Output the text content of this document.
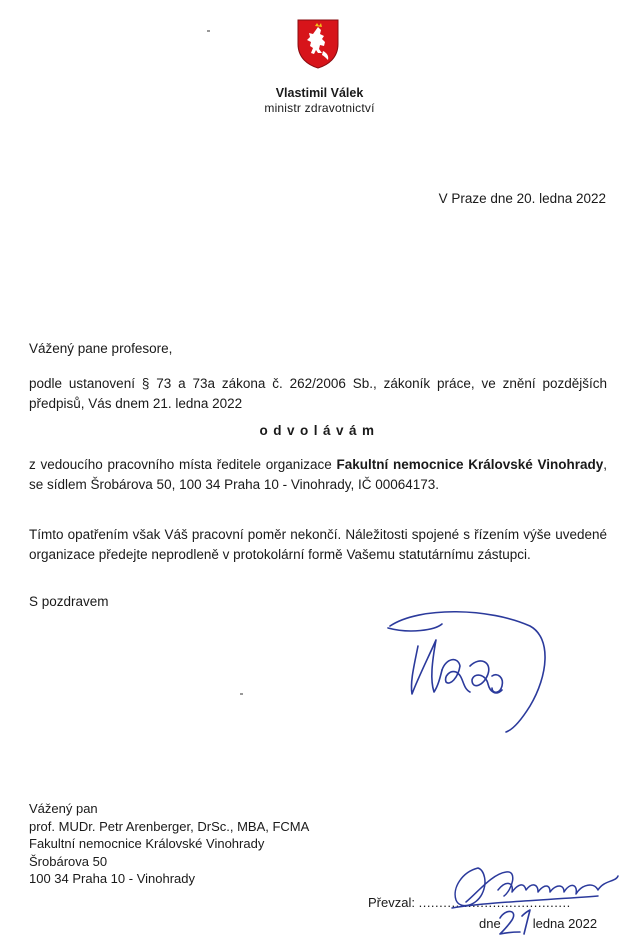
Vlastimil Válek
ministr zdravotnictví
V Praze dne 20. ledna 2022
Vážený pane profesore,
podle ustanovení § 73 a 73a zákona č. 262/2006 Sb., zákoník práce, ve znění pozdějších předpisů, Vás dnem 21. ledna 2022
odvolávám
z vedoucího pracovního místa ředitele organizace Fakultní nemocnice Královské Vinohrady, se sídlem Šrobárova 50, 100 34 Praha 10 - Vinohrady, IČ 00064173.
Tímto opatřením však Váš pracovní poměr nekončí. Náležitosti spojené s řízením výše uvedené organizace předejte neprodleně v protokolární formě Vašemu statutárnímu zástupci.
S pozdravem
Vážený pan
prof. MUDr. Petr Arenberger, DrSc., MBA, FCMA
Fakultní nemocnice Královské Vinohrady
Šrobárova 50
100 34 Praha 10 - Vinohrady
Převzal: .....................................
dne ledna 2022
